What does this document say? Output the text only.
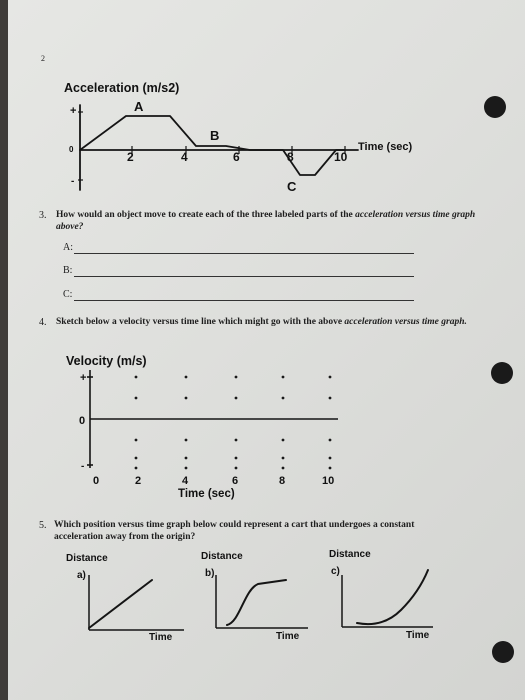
2
Acceleration (m/s2)
+
0
-
2	4	6	8	10
Time (sec)
A
B
C
3. How would an object move to create each of the three labeled parts of the acceleration versus time graph above?
A:
B:
C:
4. Sketch below a velocity versus time line which might go with the above acceleration versus time graph.
Velocity (m/s)
+
0
-
0	2	4	6	8	10
Time (sec)
5. Which position versus time graph below could represent a cart that undergoes a constant acceleration away from the origin?
Distance
a)
Time
Distance
b)
Time
Distance
c)
Time
